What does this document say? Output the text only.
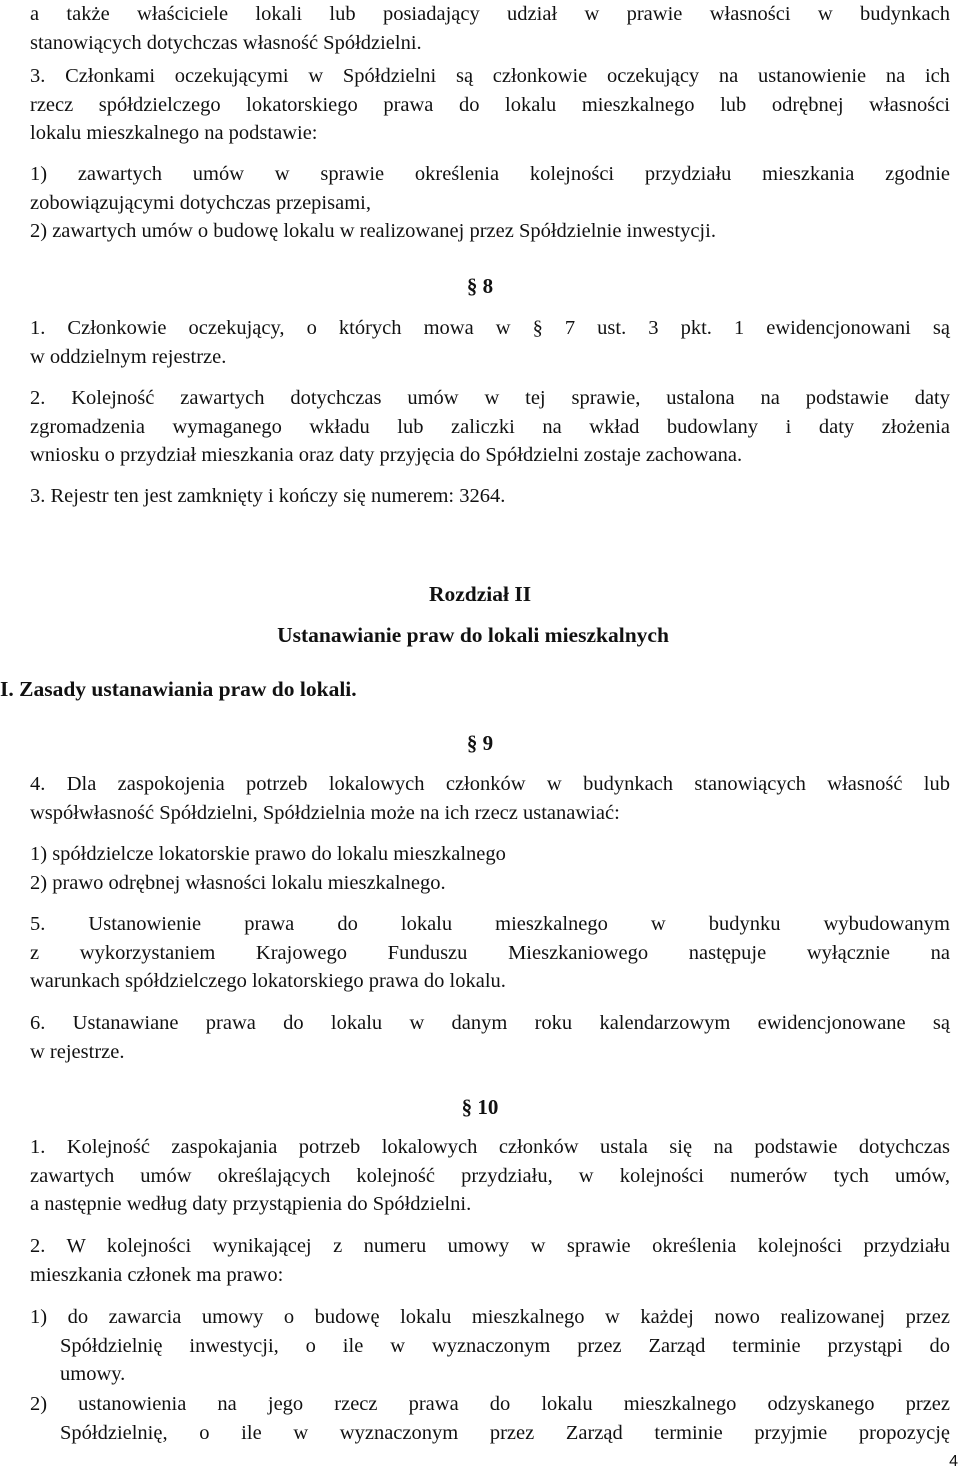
a także właściciele lokali lub posiadający udział w prawie własności w budynkach
stanowiących dotychczas własność Spółdzielni.
3. Członkami oczekującymi w Spółdzielni są członkowie oczekujący na ustanowienie na ich
rzecz spółdzielczego lokatorskiego prawa do lokalu mieszkalnego lub odrębnej własności
lokalu mieszkalnego na podstawie:
1) zawartych umów w sprawie określenia kolejności przydziału mieszkania zgodnie
zobowiązującymi dotychczas przepisami,
2) zawartych umów o budowę lokalu w realizowanej przez Spółdzielnie inwestycji.
§ 8
1. Członkowie oczekujący, o których mowa w § 7 ust. 3 pkt. 1 ewidencjonowani są
w oddzielnym rejestrze.
2. Kolejność zawartych dotychczas umów w tej sprawie, ustalona na podstawie daty
zgromadzenia wymaganego wkładu lub zaliczki na wkład budowlany i daty złożenia
wniosku o przydział mieszkania oraz daty przyjęcia do Spółdzielni zostaje zachowana.
3. Rejestr ten jest zamknięty i kończy się numerem: 3264.
Rozdział II
Ustanawianie praw do lokali mieszkalnych
I. Zasady ustanawiania praw do lokali.
§ 9
4. Dla zaspokojenia potrzeb lokalowych członków w budynkach stanowiących własność lub
współwłasność Spółdzielni, Spółdzielnia może na ich rzecz ustanawiać:
1) spółdzielcze lokatorskie prawo do lokalu mieszkalnego
2) prawo odrębnej własności lokalu mieszkalnego.
5. Ustanowienie prawa do lokalu mieszkalnego w budynku wybudowanym
z wykorzystaniem Krajowego Funduszu Mieszkaniowego następuje wyłącznie na
warunkach spółdzielczego lokatorskiego prawa do lokalu.
6. Ustanawiane prawa do lokalu w danym roku kalendarzowym ewidencjonowane są
w rejestrze.
§ 10
1. Kolejność zaspokajania potrzeb lokalowych członków ustala się na podstawie dotychczas
zawartych umów określających kolejność przydziału, w kolejności numerów tych umów,
a następnie według daty przystąpienia do Spółdzielni.
2. W kolejności wynikającej z numeru umowy w sprawie określenia kolejności przydziału
mieszkania członek ma prawo:
1) do zawarcia umowy o budowę lokalu mieszkalnego w każdej nowo realizowanej przez
Spółdzielnię inwestycji, o ile w wyznaczonym przez Zarząd terminie przystąpi do
umowy.
2) ustanowienia na jego rzecz prawa do lokalu mieszkalnego odzyskanego przez
Spółdzielnię, o ile w wyznaczonym przez Zarząd terminie przyjmie propozycję
4
